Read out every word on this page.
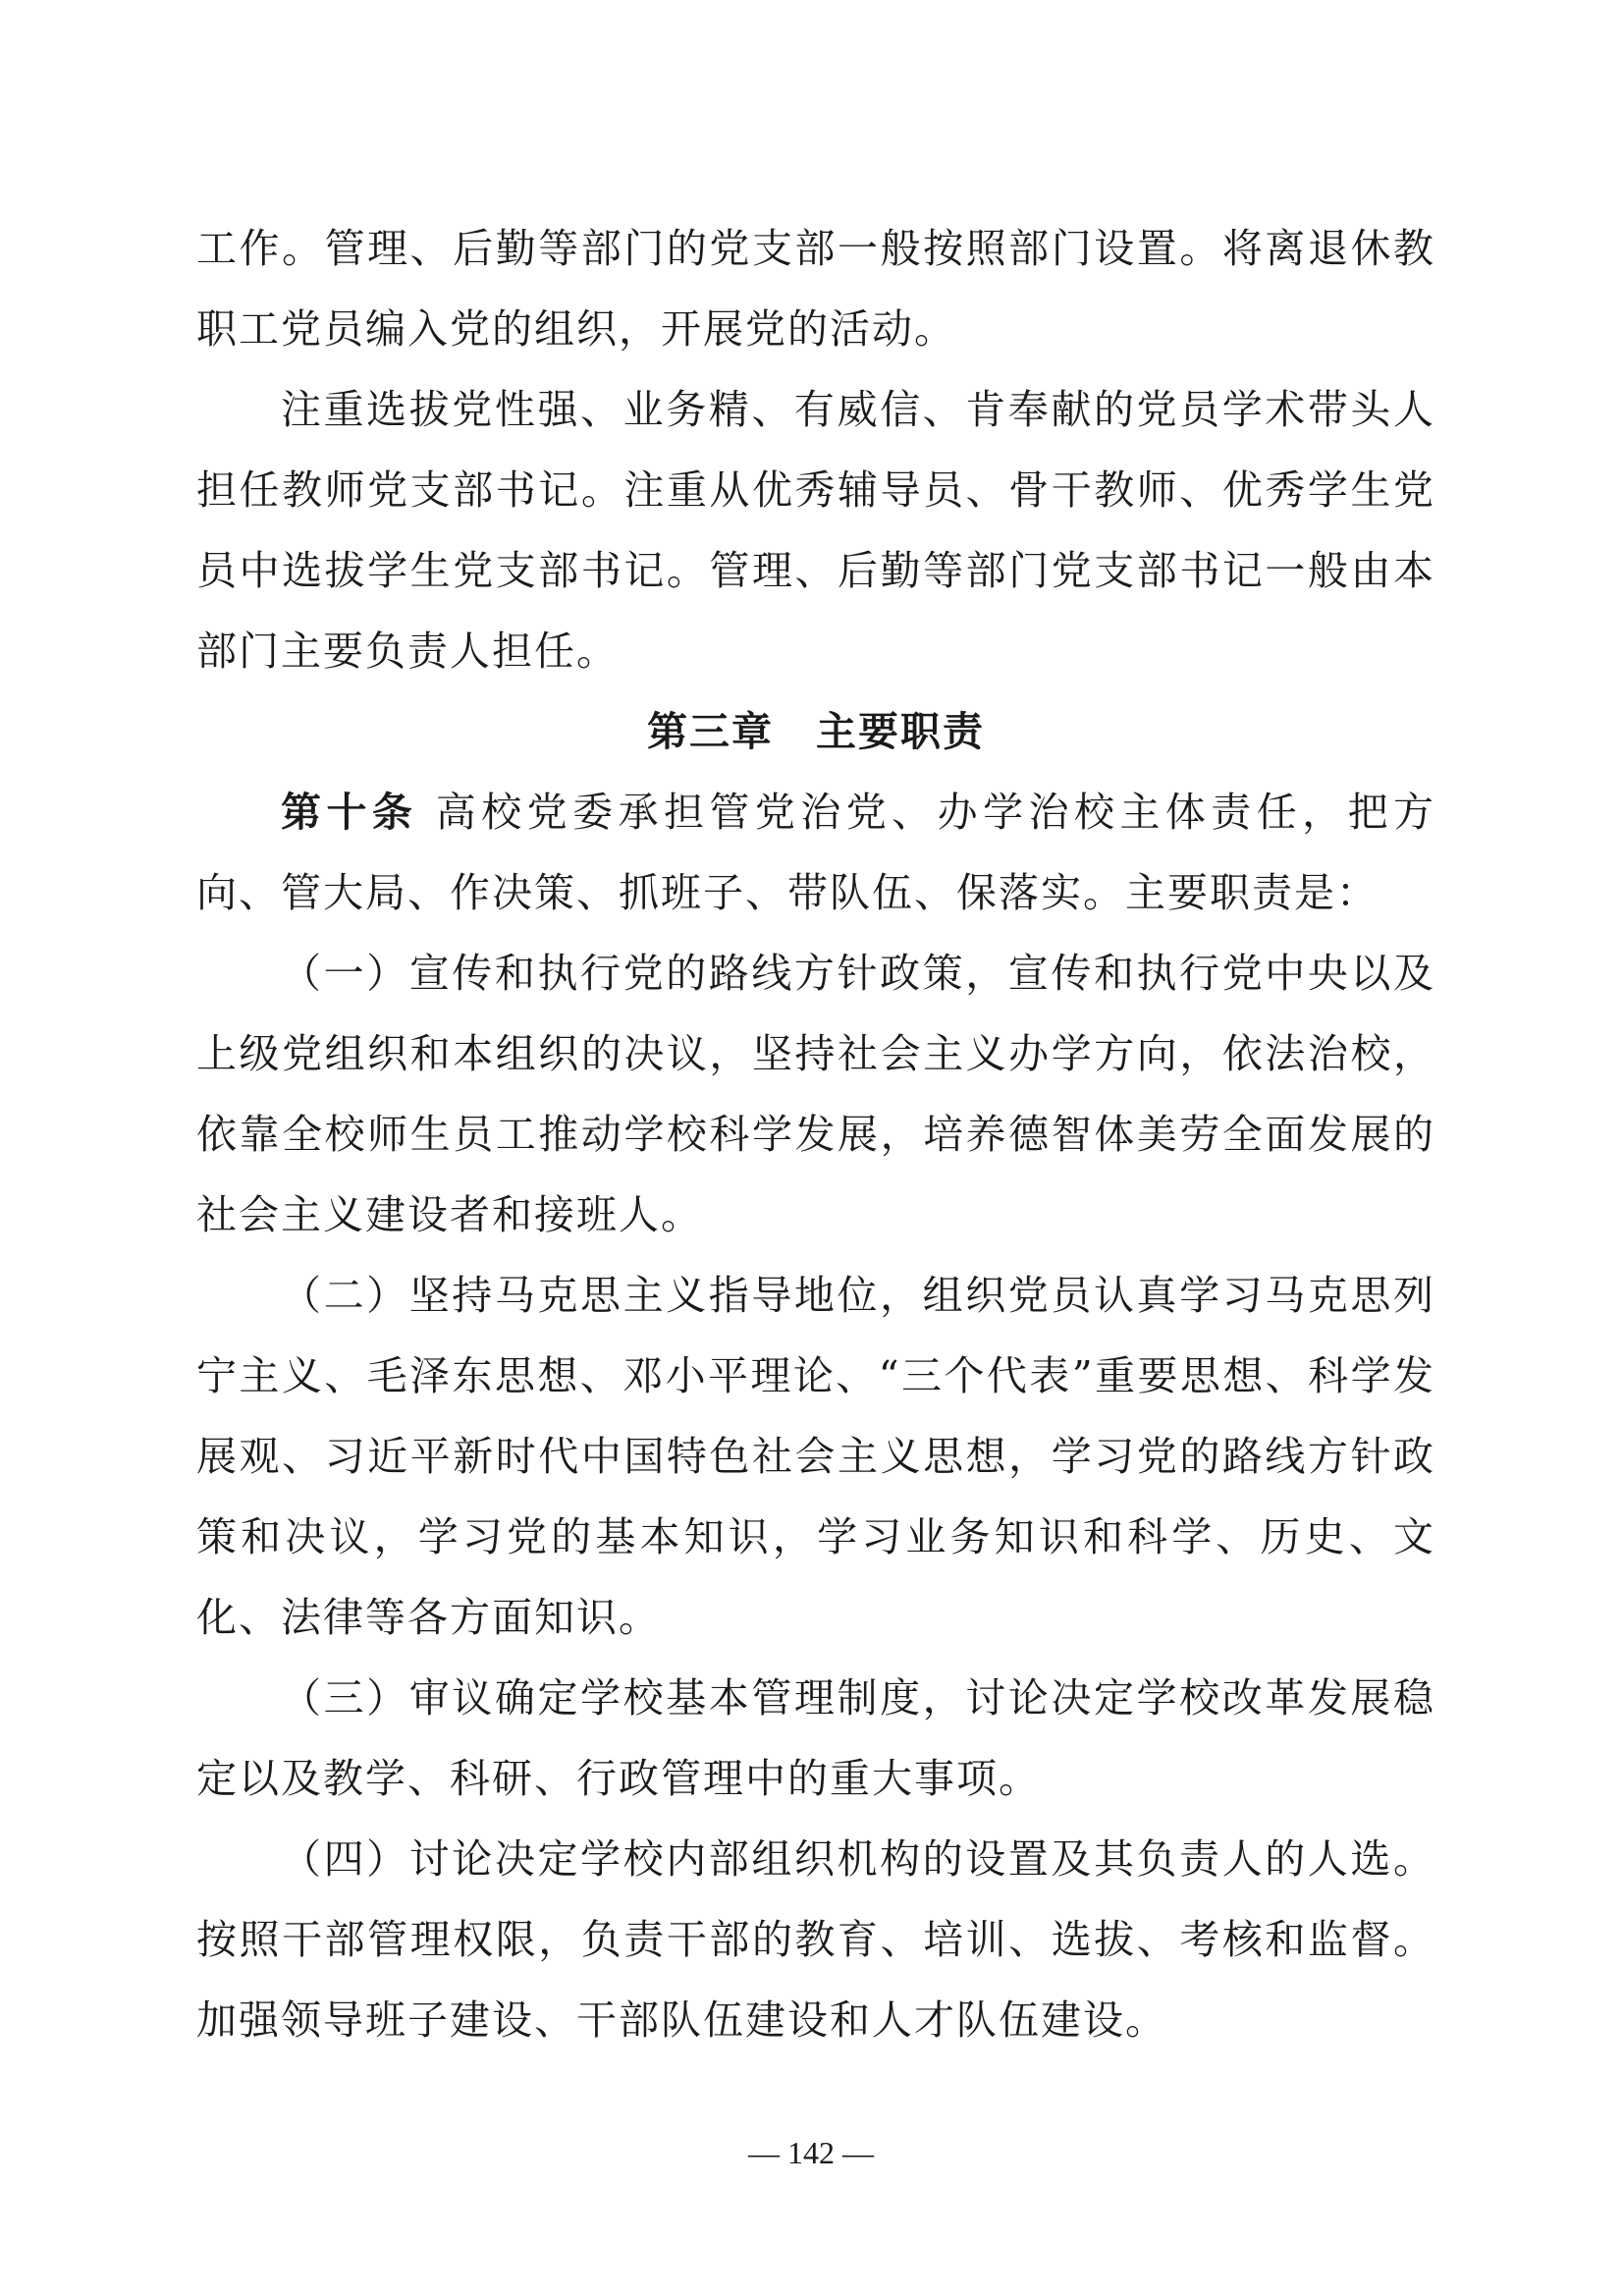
工作。管理、后勤等部门的党支部一般按照部门设置。将离退休教职工党员编入党的组织，开展党的活动。

注重选拔党性强、业务精、有威信、肯奉献的党员学术带头人担任教师党支部书记。注重从优秀辅导员、骨干教师、优秀学生党员中选拔学生党支部书记。管理、后勤等部门党支部书记一般由本部门主要负责人担任。

第三章　主要职责

第十条 高校党委承担管党治党、办学治校主体责任，把方向、管大局、作决策、抓班子、带队伍、保落实。主要职责是：

（一）宣传和执行党的路线方针政策，宣传和执行党中央以及上级党组织和本组织的决议，坚持社会主义办学方向，依法治校，依靠全校师生员工推动学校科学发展，培养德智体美劳全面发展的社会主义建设者和接班人。

（二）坚持马克思主义指导地位，组织党员认真学习马克思列宁主义、毛泽东思想、邓小平理论、“三个代表”重要思想、科学发展观、习近平新时代中国特色社会主义思想，学习党的路线方针政策和决议，学习党的基本知识，学习业务知识和科学、历史、文化、法律等各方面知识。

（三）审议确定学校基本管理制度，讨论决定学校改革发展稳定以及教学、科研、行政管理中的重大事项。

（四）讨论决定学校内部组织机构的设置及其负责人的人选。按照干部管理权限，负责干部的教育、培训、选拔、考核和监督。加强领导班子建设、干部队伍建设和人才队伍建设。

— 142 —
